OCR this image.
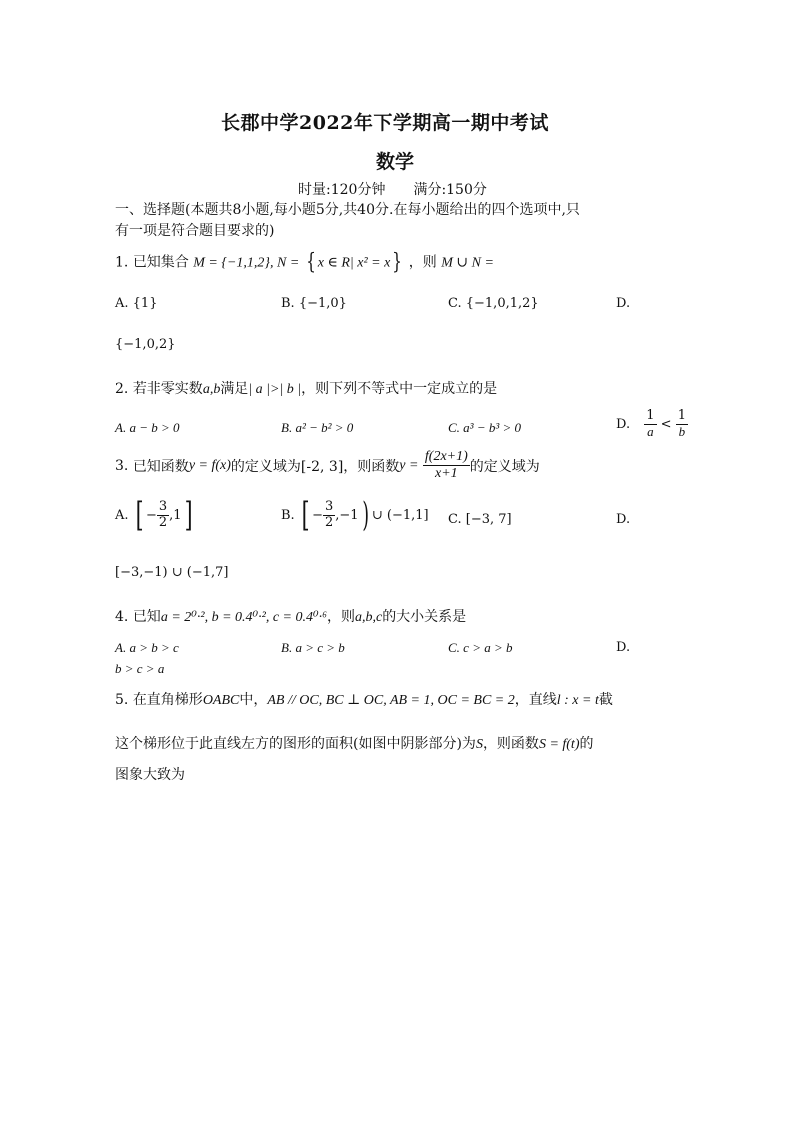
长郡中学2022年下学期高一期中考试
数学
时量:120分钟　　满分:150分
一、选择题(本题共8小题,每小题5分,共40分.在每小题给出的四个选项中,只
有一项是符合题目要求的)
1. 已知集合 M = {−1,1,2}, N = { x ∈ R| x² = x} ，则 M ∪ N =
A. {1}	B. {−1,0}	C. {−1,0,1,2}	D.
{−1,0,2}
2. 若非零实数a,b满足| a |>| b |，则下列不等式中一定成立的是
A. a − b > 0	B. a² − b² > 0	C. a³ − b³ > 0	D. $\frac{1}{a} < \frac{1}{b}$
3. 已知函数y = f(x)的定义域为[-2, 3]，则函数$y = \frac{f(2x+1)}{x+1}$ 的定义域为
A. [ − $\frac{3}{2} ,1$]	B. [ − $\frac{3}{2} ,-1$) ∪ (−1,1] C. [−3, 7]	D.
[−3,−1) ∪ (−1,7]
4. 已知a = 2⁰·², b = 0.4⁰·², c = 0.4⁰·⁶，则a,b,c的大小关系是
A. a > b > c	B. a > c > b	C. c > a > b	D.
b > c > a
5. 在直角梯形OABC中，AB // OC, BC ⊥ OC, AB = 1, OC = BC = 2，直线l : x = t截
这个梯形位于此直线左方的图形的面积(如图中阴影部分)为S，则函数S = f(t)的
图象大致为
